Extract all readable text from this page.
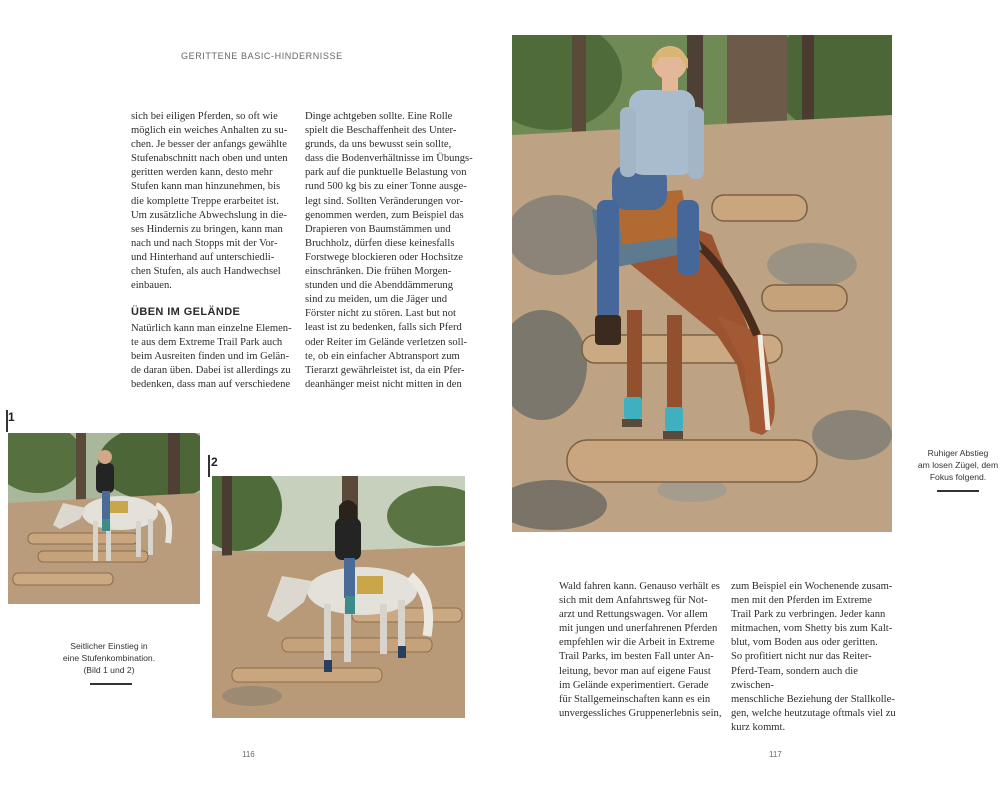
GERITTENE BASIC-HINDERNISSE
sich bei eiligen Pferden, so oft wie
möglich ein weiches Anhalten zu su-
chen. Je besser der anfangs gewählte
Stufenabschnitt nach oben und unten
geritten werden kann, desto mehr
Stufen kann man hinzunehmen, bis
die komplette Treppe erarbeitet ist.
Um zusätzliche Abwechslung in die-
ses Hindernis zu bringen, kann man
nach und nach Stopps mit der Vor-
und Hinterhand auf unterschiedli-
chen Stufen, als auch Handwechsel
einbauen.
ÜBEN IM GELÄNDE
Natürlich kann man einzelne Elemen-
te aus dem Extreme Trail Park auch
beim Ausreiten finden und im Gelän-
de daran üben. Dabei ist allerdings zu
bedenken, dass man auf verschiedene
Dinge achtgeben sollte. Eine Rolle
spielt die Beschaffenheit des Unter-
grunds, da uns bewusst sein sollte,
dass die Bodenverhältnisse im Übungs-
park auf die punktuelle Belastung von
rund 500 kg bis zu einer Tonne ausge-
legt sind. Sollten Veränderungen vor-
genommen werden, zum Beispiel das
Drapieren von Baumstämmen und
Bruchholz, dürfen diese keinesfalls
Forstwege blockieren oder Hochsitze
einschränken. Die frühen Morgen-
stunden und die Abenddämmerung
sind zu meiden, um die Jäger und
Förster nicht zu stören. Last but not
least ist zu bedenken, falls sich Pferd
oder Reiter im Gelände verletzen soll-
te, ob ein einfacher Abtransport zum
Tierarzt gewährleistet ist, da ein Pfer-
deanhänger meist nicht mitten in den
1
2
Seitlicher Einstieg in
eine Stufenkombination.
(Bild 1 und 2)
116
Ruhiger Abstieg
am losen Zügel, dem
Fokus folgend.
Wald fahren kann. Genauso verhält es
sich mit dem Anfahrtsweg für Not-
arzt und Rettungswagen. Vor allem
mit jungen und unerfahrenen Pferden
empfehlen wir die Arbeit in Extreme
Trail Parks, im besten Fall unter An-
leitung, bevor man auf eigene Faust
im Gelände experimentiert. Gerade
für Stallgemeinschaften kann es ein
unvergessliches Gruppenerlebnis sein,
zum Beispiel ein Wochenende zusam-
men mit den Pferden im Extreme
Trail Park zu verbringen. Jeder kann
mitmachen, vom Shetty bis zum Kalt-
blut, vom Boden aus oder geritten.
So profitiert nicht nur das Reiter-
Pferd-Team, sondern auch die zwischen-
menschliche Beziehung der Stallkolle-
gen, welche heutzutage oftmals viel zu
kurz kommt.
117
